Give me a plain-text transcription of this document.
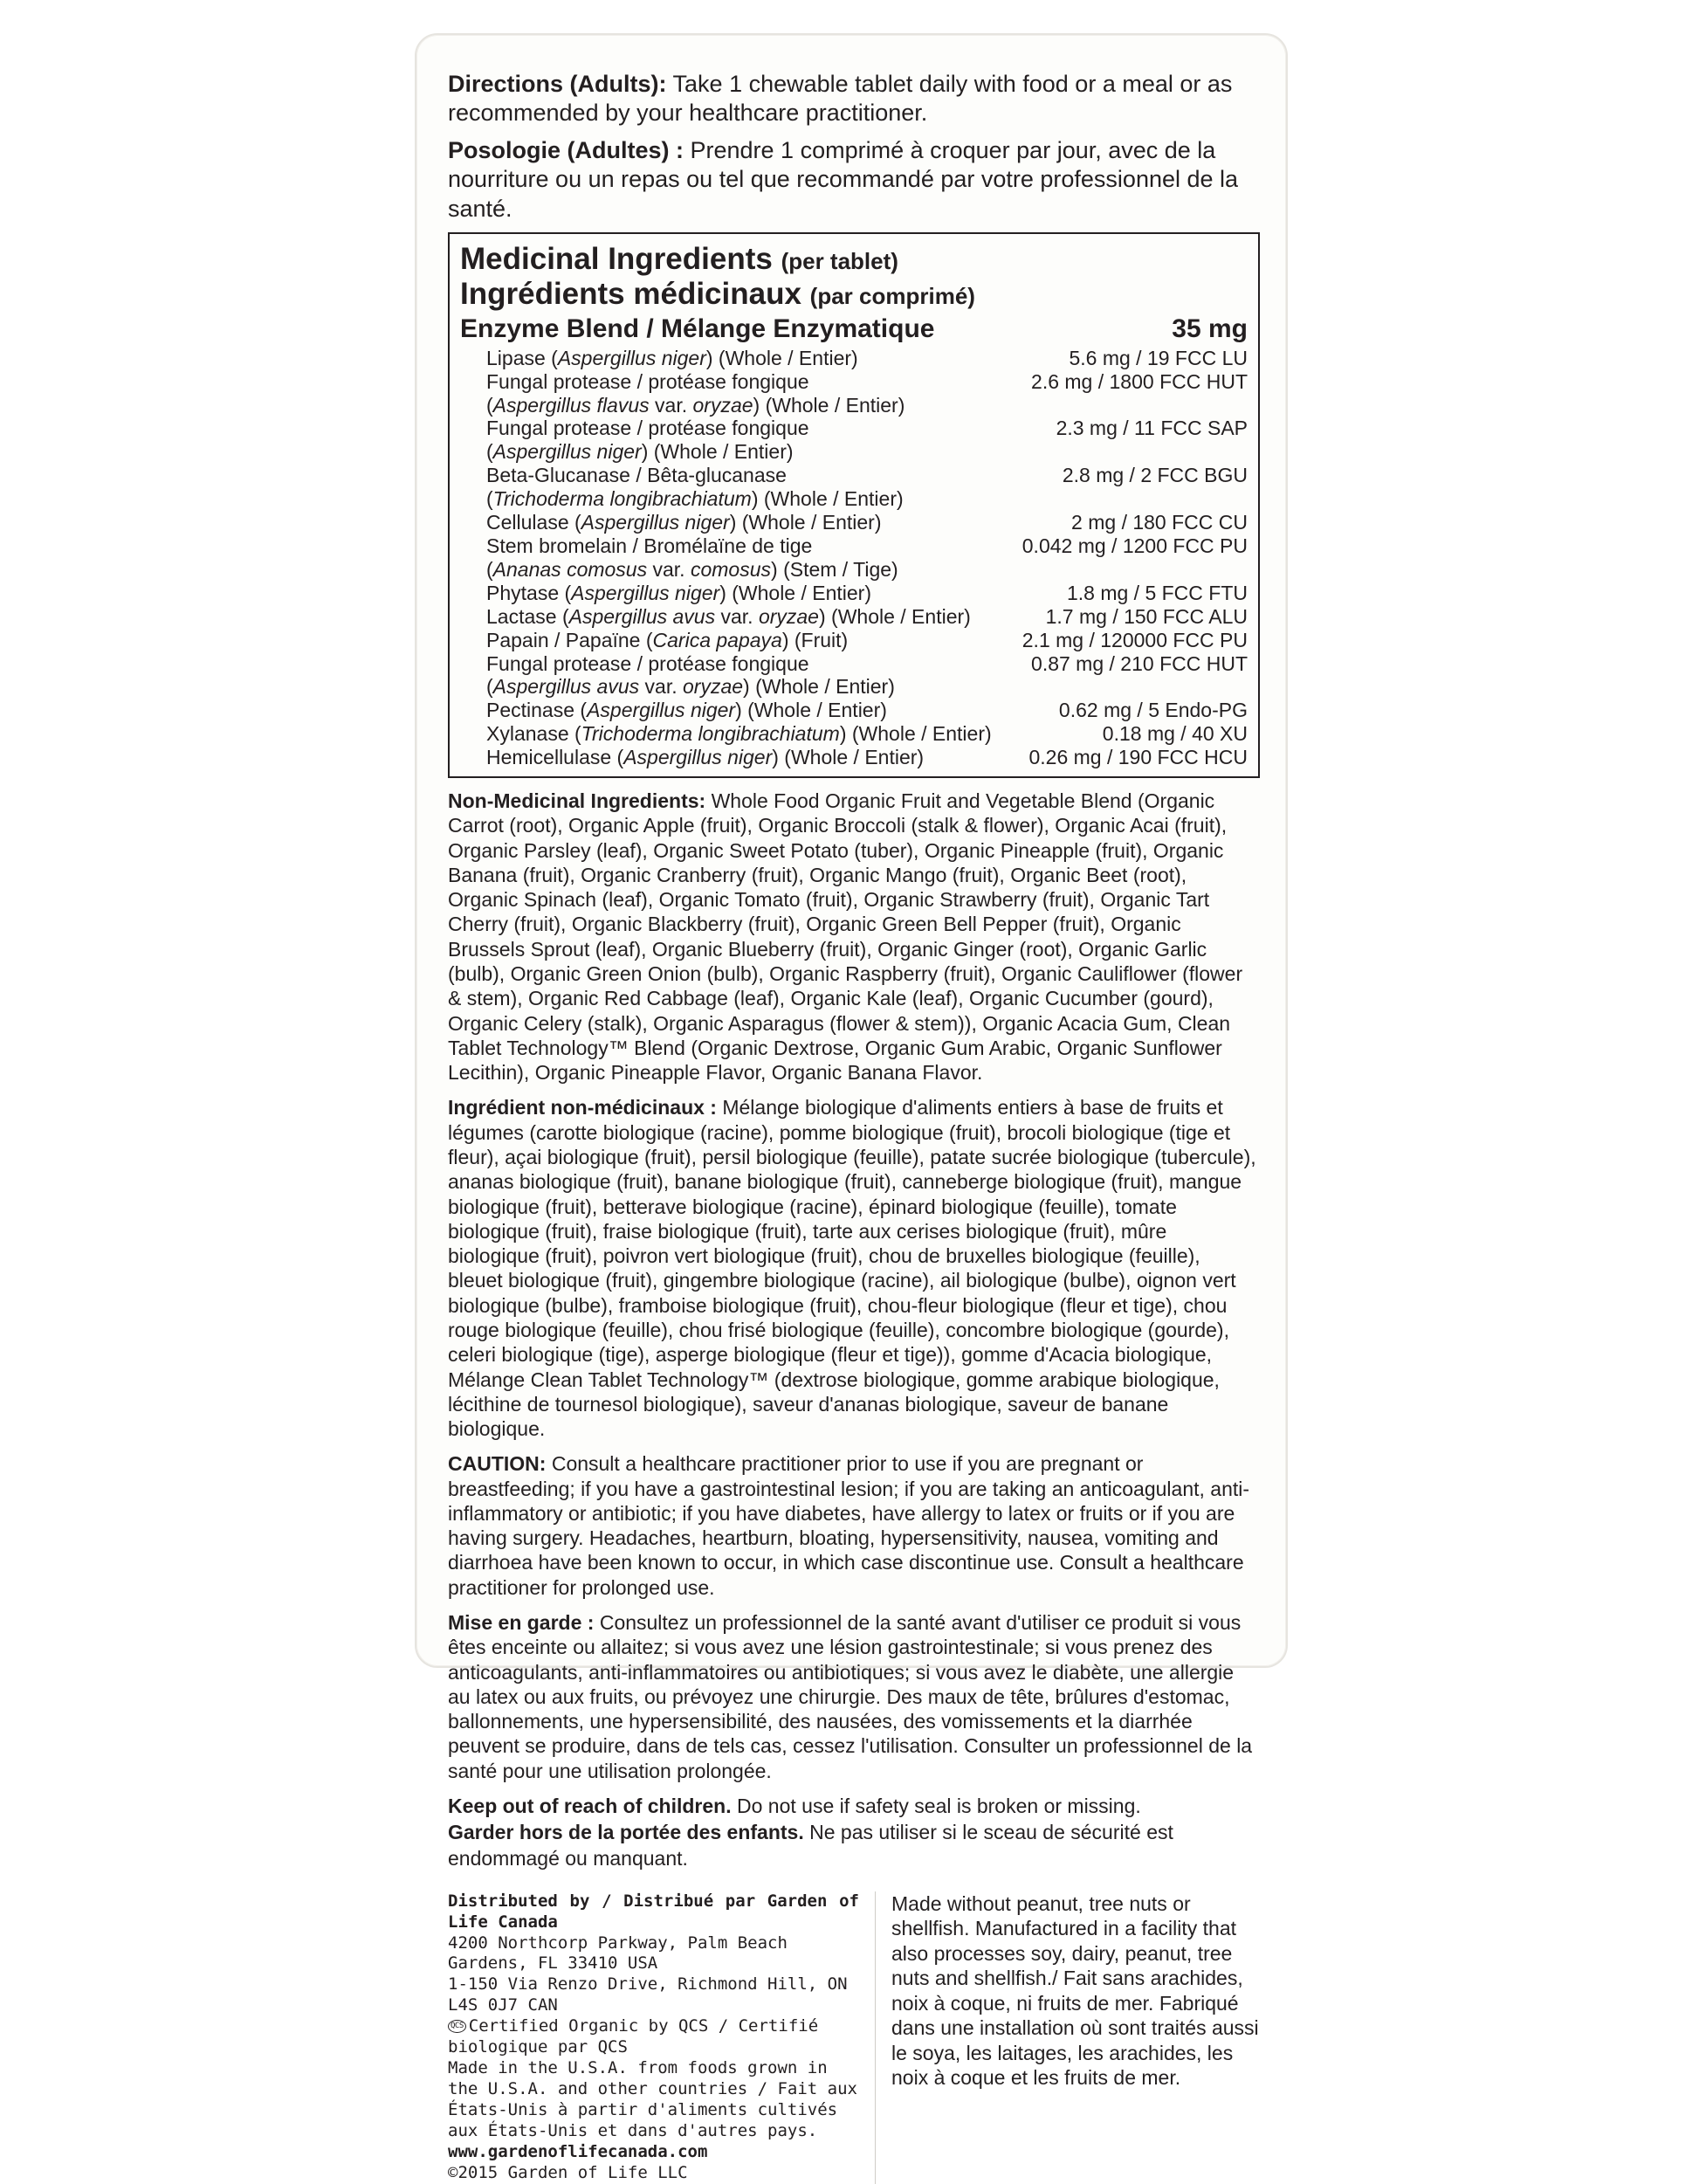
Directions (Adults): Take 1 chewable tablet daily with food or a meal or as recommended by your healthcare practitioner.
Posologie (Adultes) : Prendre 1 comprimé à croquer par jour, avec de la nourriture ou un repas ou tel que recommandé par votre professionnel de la santé.
Medicinal Ingredients (per tablet)
Ingrédients médicinaux (par comprimé)
Enzyme Blend / Mélange Enzymatique	35 mg
Lipase (Aspergillus niger) (Whole / Entier)	5.6 mg / 19 FCC LU
Fungal protease / protéase fongique	2.6 mg / 1800 FCC HUT
(Aspergillus flavus var. oryzae) (Whole / Entier)	
Fungal protease / protéase fongique	2.3 mg / 11 FCC SAP
(Aspergillus niger) (Whole / Entier)	
Beta-Glucanase / Bêta-glucanase	2.8 mg / 2 FCC BGU
(Trichoderma longibrachiatum) (Whole / Entier)	
Cellulase (Aspergillus niger) (Whole / Entier)	2 mg / 180 FCC CU
Stem bromelain / Bromélaïne de tige	0.042 mg / 1200 FCC PU
(Ananas comosus var. comosus) (Stem / Tige)	
Phytase (Aspergillus niger) (Whole / Entier)	1.8 mg / 5 FCC FTU
Lactase (Aspergillus avus var. oryzae) (Whole / Entier)	1.7 mg / 150 FCC ALU
Papain / Papaïne (Carica papaya) (Fruit)	2.1 mg / 120000 FCC PU
Fungal protease / protéase fongique	0.87 mg / 210 FCC HUT
(Aspergillus avus var. oryzae) (Whole / Entier)	
Pectinase (Aspergillus niger) (Whole / Entier)	0.62 mg / 5 Endo-PG
Xylanase (Trichoderma longibrachiatum) (Whole / Entier)	0.18 mg / 40 XU
Hemicellulase (Aspergillus niger) (Whole / Entier)	0.26 mg / 190 FCC HCU
Non-Medicinal Ingredients: Whole Food Organic Fruit and Vegetable Blend (Organic Carrot (root), Organic Apple (fruit), Organic Broccoli (stalk & flower), Organic Acai (fruit), Organic Parsley (leaf), Organic Sweet Potato (tuber), Organic Pineapple (fruit), Organic Banana (fruit), Organic Cranberry (fruit), Organic Mango (fruit), Organic Beet (root), Organic Spinach (leaf), Organic Tomato (fruit), Organic Strawberry (fruit), Organic Tart Cherry (fruit), Organic Blackberry (fruit), Organic Green Bell Pepper (fruit), Organic Brussels Sprout (leaf), Organic Blueberry (fruit), Organic Ginger (root), Organic Garlic (bulb), Organic Green Onion (bulb), Organic Raspberry (fruit), Organic Cauliflower (flower & stem), Organic Red Cabbage (leaf), Organic Kale (leaf), Organic Cucumber (gourd), Organic Celery (stalk), Organic Asparagus (flower & stem)), Organic Acacia Gum, Clean Tablet Technology™ Blend (Organic Dextrose, Organic Gum Arabic, Organic Sunflower Lecithin), Organic Pineapple Flavor, Organic Banana Flavor.
Ingrédient non-médicinaux : Mélange biologique d'aliments entiers à base de fruits et légumes (carotte biologique (racine), pomme biologique (fruit), brocoli biologique (tige et fleur), açai biologique (fruit), persil biologique (feuille), patate sucrée biologique (tubercule), ananas biologique (fruit), banane biologique (fruit), canneberge biologique (fruit), mangue biologique (fruit), betterave biologique (racine), épinard biologique (feuille), tomate biologique (fruit), fraise biologique (fruit), tarte aux cerises biologique (fruit), mûre biologique (fruit), poivron vert biologique (fruit), chou de bruxelles biologique (feuille), bleuet biologique (fruit), gingembre biologique (racine), ail biologique (bulbe), oignon vert biologique (bulbe), framboise biologique (fruit), chou-fleur biologique (fleur et tige), chou rouge biologique (feuille), chou frisé biologique (feuille), concombre biologique (gourde), celeri biologique (tige), asperge biologique (fleur et tige)), gomme d'Acacia biologique, Mélange Clean Tablet Technology™ (dextrose biologique, gomme arabique biologique, lécithine de tournesol biologique), saveur d'ananas biologique, saveur de banane biologique.
CAUTION: Consult a healthcare practitioner prior to use if you are pregnant or breastfeeding; if you have a gastrointestinal lesion; if you are taking an anticoagulant, anti-inflammatory or antibiotic; if you have diabetes, have allergy to latex or fruits or if you are having surgery. Headaches, heartburn, bloating, hypersensitivity, nausea, vomiting and diarrhoea have been known to occur, in which case discontinue use. Consult a healthcare practitioner for prolonged use.
Mise en garde : Consultez un professionnel de la santé avant d'utiliser ce produit si vous êtes enceinte ou allaitez; si vous avez une lésion gastrointestinale; si vous prenez des anticoagulants, anti-inflammatoires ou antibiotiques; si vous avez le diabète, une allergie au latex ou aux fruits, ou prévoyez une chirurgie. Des maux de tête, brûlures d'estomac, ballonnements, une hypersensibilité, des nausées, des vomissements et la diarrhée peuvent se produire, dans de tels cas, cessez l'utilisation. Consulter un professionnel de la santé pour une utilisation prolongée.
Keep out of reach of children. Do not use if safety seal is broken or missing.
Garder hors de la portée des enfants. Ne pas utiliser si le sceau de sécurité est endommagé ou manquant.
Distributed by / Distribué par Garden of Life Canada
4200 Northcorp Parkway, Palm Beach Gardens, FL 33410 USA
1-150 Via Renzo Drive, Richmond Hill, ON L4S 0J7 CAN
QCS Certified Organic by QCS / Certifié biologique par QCS
Made in the U.S.A. from foods grown in the U.S.A. and other countries / Fait aux États-Unis à partir d'aliments cultivés aux États-Unis et dans d'autres pays. www.gardenoflifecanada.com
©2015 Garden of Life LLC
Made without peanut, tree nuts or shellfish. Manufactured in a facility that also processes soy, dairy, peanut, tree nuts and shellfish./ Fait sans arachides, noix à coque, ni fruits de mer. Fabriqué dans une installation où sont traités aussi le soya, les laitages, les arachides, les noix à coque et les fruits de mer.
